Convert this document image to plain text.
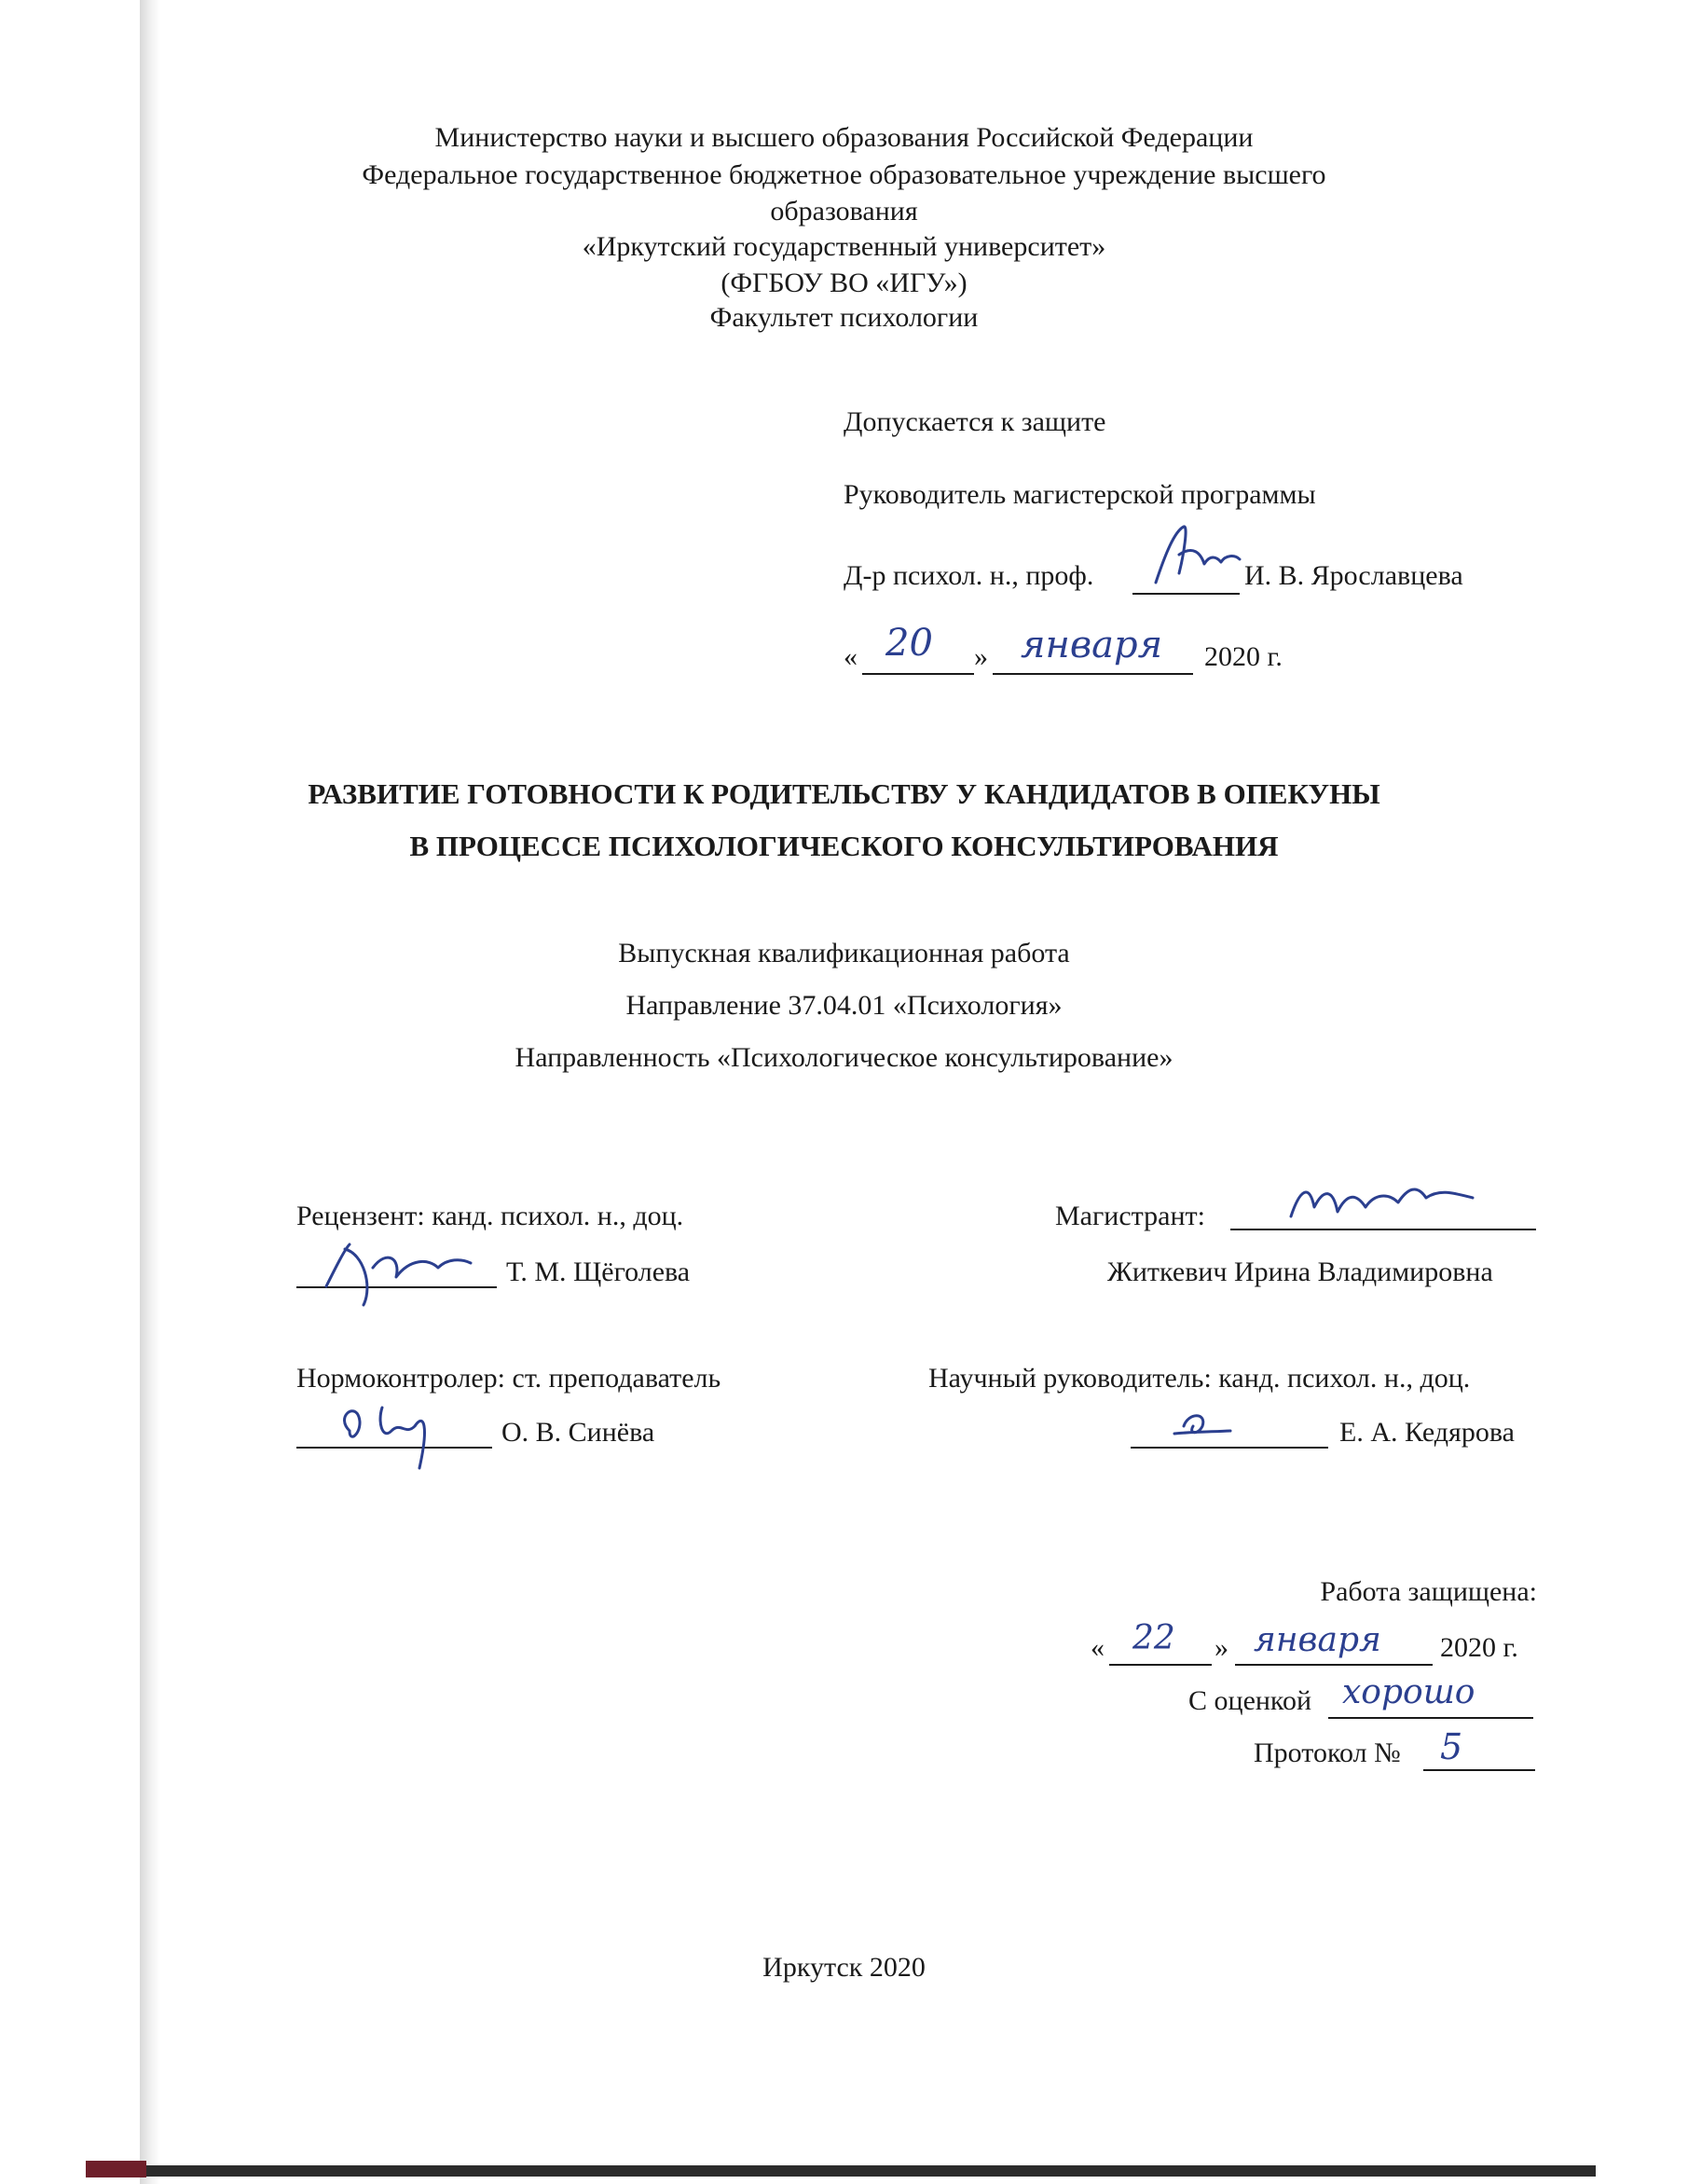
Министерство науки и высшего образования Российской Федерации
Федеральное государственное бюджетное образовательное учреждение высшего
образования
«Иркутский государственный университет»
(ФГБОУ ВО «ИГУ»)
Факультет психологии
Допускается к защите
Руководитель магистерской программы
Д-р психол. н., проф.	И. В. Ярославцева
« 20 » января 2020 г.
РАЗВИТИЕ ГОТОВНОСТИ К РОДИТЕЛЬСТВУ У КАНДИДАТОВ В ОПЕКУНЫ
В ПРОЦЕССЕ ПСИХОЛОГИЧЕСКОГО КОНСУЛЬТИРОВАНИЯ
Выпускная квалификационная работа
Направление 37.04.01 «Психология»
Направленность «Психологическое консультирование»
Рецензент: канд. психол. н., доц.
Т. М. Щёголева
Магистрант:
Житкевич Ирина Владимировна
Нормоконтролер: ст. преподаватель
О. В. Синёва
Научный руководитель: канд. психол. н., доц.
Е. А. Кедярова
Работа защищена:
« 22 » января 2020 г.
С оценкой хорошо
Протокол № 5
Иркутск 2020
